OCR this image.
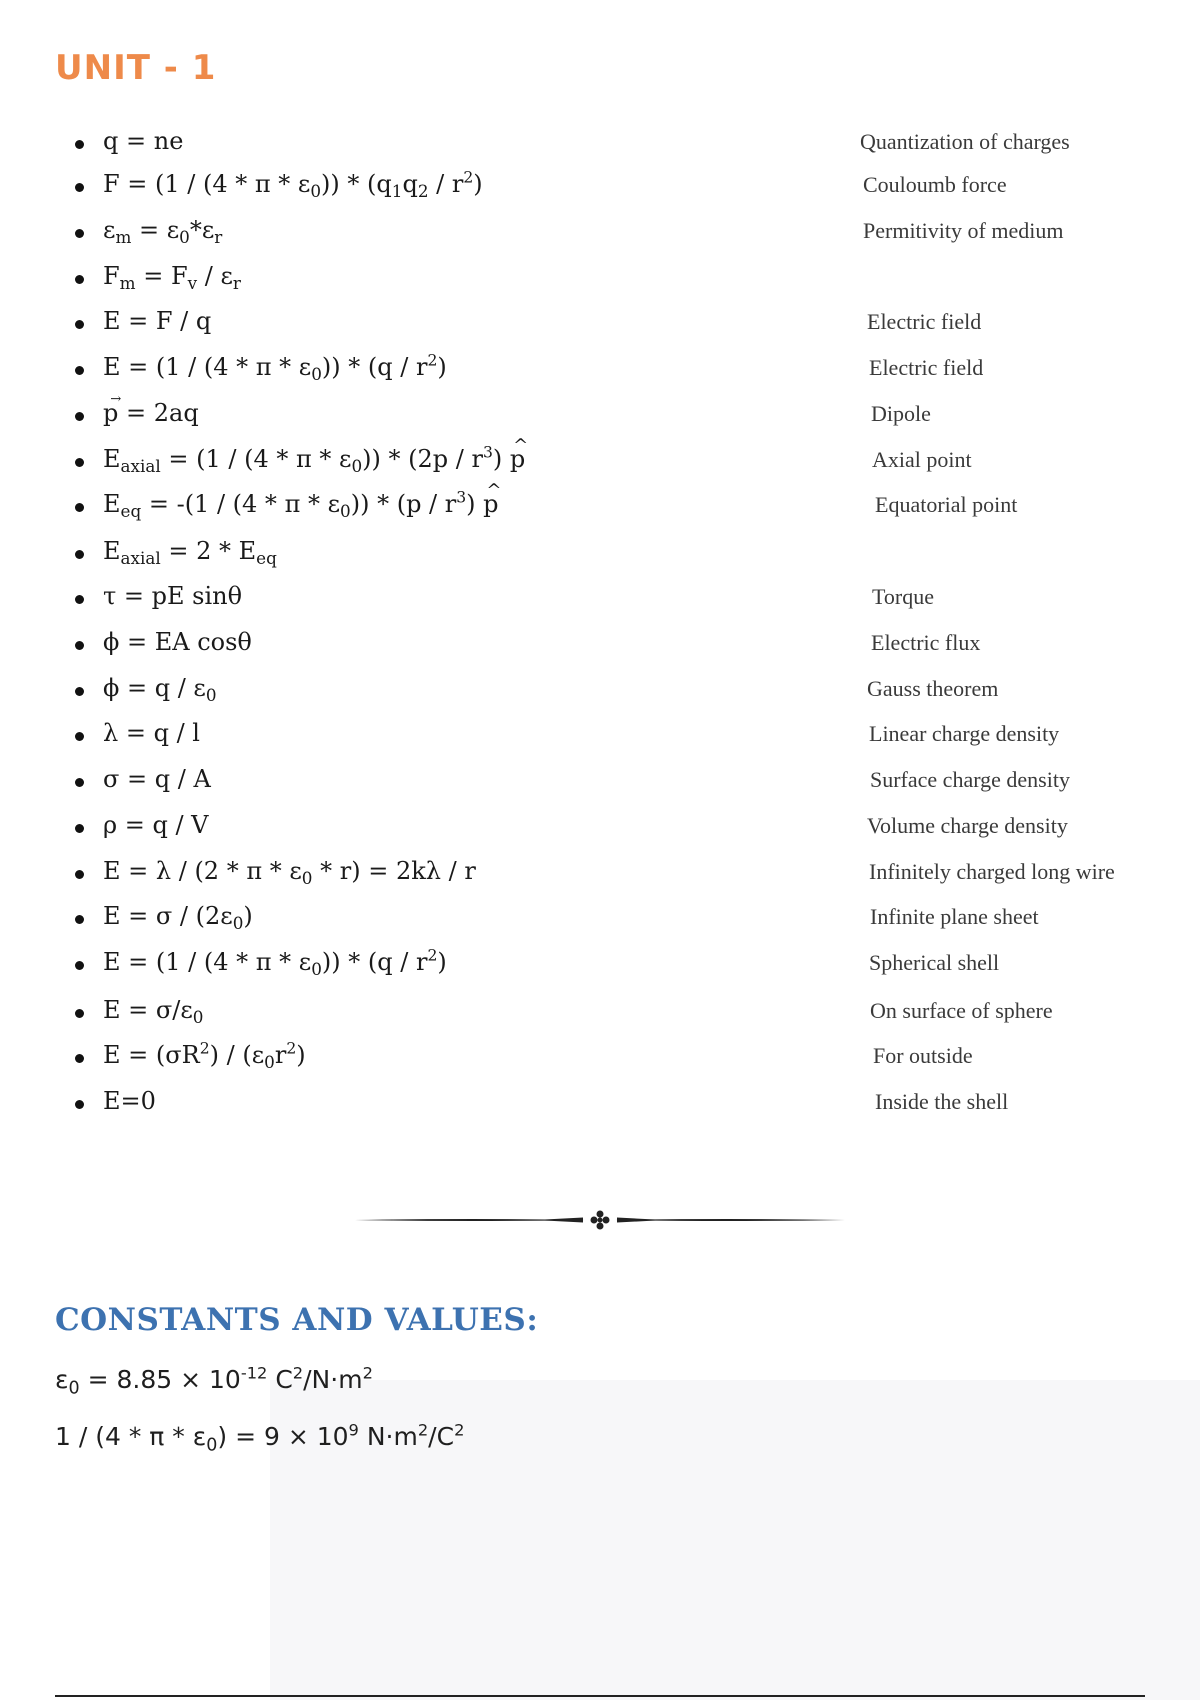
UNIT - 1
q = ne	Quantization of charges
$F = (1 / (4 * \pi * \varepsilon_0)) * (q_1q_2 / r^2)$	Couloumb force
$\varepsilon_m = \varepsilon_0*\varepsilon_r$	Permitivity of medium
$F_m = F_v / \varepsilon_r$
E = F / q	Electric field
$E = (1 / (4 * \pi * \varepsilon_0)) * (q / r^2)$	Electric field
p → = 2aq	Dipole
$E_{axial} = (1 / (4 * \pi * \varepsilon_0)) * (2p / r^3)$ ^ p	Axial point
$E_{eq} = -(1 / (4 * \pi * \varepsilon_0)) * (p / r^3)$ ^ p	Equatorial point
$E_{axial} = 2 * E_{eq}$
τ = pE sinθ	Torque
ϕ = EA cosθ	Electric flux
$\phi = q / \varepsilon_0$	Gauss theorem
λ = q / l	Linear charge density
σ = q / A	Surface charge density
ρ = q / V	Volume charge density
$E = \lambda / (2 * \pi * \varepsilon_0 * r) = 2k\lambda / r$	Infinitely charged long wire
$E = \sigma / (2\varepsilon_0)$	Infinite plane sheet
$E = (1 / (4 * \pi * \varepsilon_0)) * (q / r^2)$	Spherical shell
$E = \sigma/\varepsilon_0$	On surface of sphere
$E = (\sigma R^2) / (\varepsilon_0r^2)$	For outside
E=0	Inside the shell
CONSTANTS AND VALUES:
$\varepsilon_0 = 8.85 \times 10^{-12}$ $C^2/N\cdot m^2$
$1 / (4 * \pi * \varepsilon_0) = 9 \times 10^9$ $N\cdot m^2/C^2$
